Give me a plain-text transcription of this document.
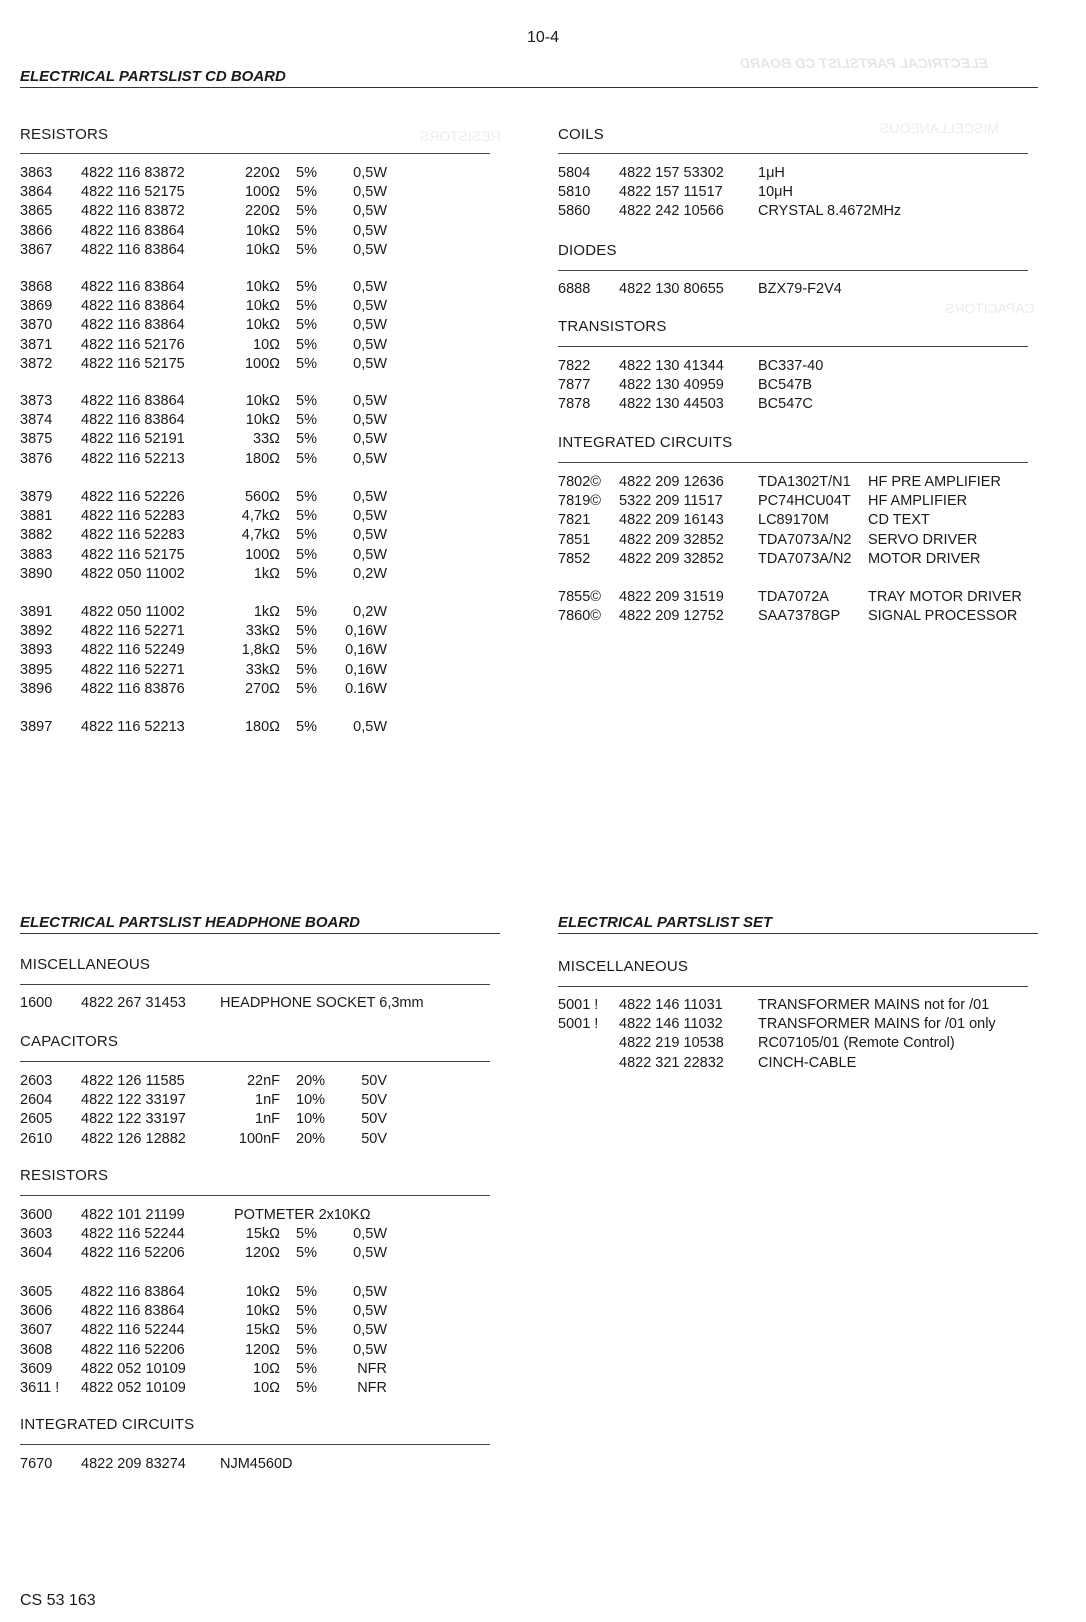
10-4
ELECTRICAL PARTSLIST CD BOARD
MISCELLANEOUS
RESISTORS
CAPACITORS
ELECTRICAL PARTSLIST CD BOARD
RESISTORS
3863 4822 116 83872	220Ω 5% 0,5W
3864 4822 116 52175	100Ω 5% 0,5W
3865 4822 116 83872	220Ω 5% 0,5W
3866 4822 116 83864	10kΩ 5% 0,5W
3867 4822 116 83864	10kΩ 5% 0,5W
3868 4822 116 83864	10kΩ 5% 0,5W
3869 4822 116 83864	10kΩ 5% 0,5W
3870 4822 116 83864	10kΩ 5% 0,5W
3871 4822 116 52176	10Ω 5% 0,5W
3872 4822 116 52175	100Ω 5% 0,5W
3873 4822 116 83864	10kΩ 5% 0,5W
3874 4822 116 83864	10kΩ 5% 0,5W
3875 4822 116 52191	33Ω 5% 0,5W
3876 4822 116 52213	180Ω 5% 0,5W
3879 4822 116 52226	560Ω 5% 0,5W
3881 4822 116 52283	4,7kΩ 5% 0,5W
3882 4822 116 52283	4,7kΩ 5% 0,5W
3883 4822 116 52175	100Ω 5% 0,5W
3890 4822 050 11002	1kΩ 5% 0,2W
3891 4822 050 11002	1kΩ 5% 0,2W
3892 4822 116 52271	33kΩ 5% 0,16W
3893 4822 116 52249	1,8kΩ 5% 0,16W
3895 4822 116 52271	33kΩ 5% 0,16W
3896 4822 116 83876	270Ω 5% 0.16W
3897 4822 116 52213	180Ω 5% 0,5W
COILS
5804 4822 157 53302 1μH
5810 4822 157 11517 10μH
5860 4822 242 10566 CRYSTAL 8.4672MHz
DIODES
6888 4822 130 80655 BZX79-F2V4
TRANSISTORS
7822 4822 130 41344 BC337-40
7877 4822 130 40959 BC547B
7878 4822 130 44503 BC547C
INTEGRATED CIRCUITS
7802© 4822 209 12636 TDA1302T/N1 HF PRE AMPLIFIER
7819© 5322 209 11517 PC74HCU04T HF AMPLIFIER
7821 4822 209 16143 LC89170M	CD TEXT
7851 4822 209 32852 TDA7073A/N2 SERVO DRIVER
7852 4822 209 32852 TDA7073A/N2 MOTOR DRIVER
7855© 4822 209 31519 TDA7072A	TRAY MOTOR DRIVER
7860© 4822 209 12752 SAA7378GP SIGNAL PROCESSOR
ELECTRICAL PARTSLIST HEADPHONE BOARD
MISCELLANEOUS
1600 4822 267 31453 HEADPHONE SOCKET 6,3mm
CAPACITORS
2603 4822 126 11585	22nF 20% 50V
2604 4822 122 33197	1nF 10% 50V
2605 4822 122 33197	1nF 10% 50V
2610 4822 126 12882	100nF 20% 50V
RESISTORS
3600 4822 101 21199	POTMETER 2x10KΩ
3603 4822 116 52244	15kΩ 5% 0,5W
3604 4822 116 52206	120Ω 5% 0,5W
3605 4822 116 83864	10kΩ 5% 0,5W
3606 4822 116 83864	10kΩ 5% 0,5W
3607 4822 116 52244	15kΩ 5% 0,5W
3608 4822 116 52206	120Ω 5% 0,5W
3609 4822 052 10109	10Ω 5%	NFR
3611 ! 4822 052 10109	10Ω 5%	NFR
INTEGRATED CIRCUITS
7670 4822 209 83274 NJM4560D
ELECTRICAL PARTSLIST SET
MISCELLANEOUS
5001 ! 4822 146 11031 TRANSFORMER MAINS not for /01
5001 ! 4822 146 11032 TRANSFORMER MAINS for /01 only
4822 219 10538 RC07105/01 (Remote Control)
4822 321 22832 CINCH-CABLE
CS 53 163
